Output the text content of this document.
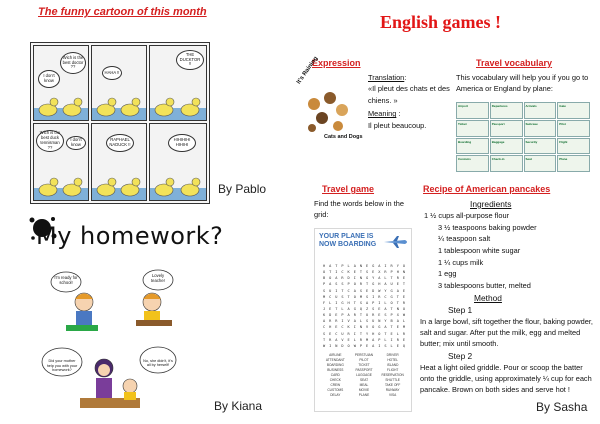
The funny cartoon of this month
I don't know
Wich is the best doctor ??
HAHA !!
THE DUCKTOR !!
Wich is the best duck tennisman ??
I don't know
RAPHAEL NADUCK !!
HIHIHIHI HIHIHI
By Pablo
My homework?
I'm ready for school!
Lovely teacher
Did your mother help you with your homework?
No, she didn't, it's all by herself!
By Kiana
English games !
Expression
It's Raining
Cats and Dogs
Translation:
«Il pleut des chats et des chiens. »
Meaning :
Il pleut beaucoup.
Travel vocabulary
This vocabulary will help you if you go to America or England by plane:
Airport	Departures	Arrivals	Gate
Ticket	Passport	Suitcase	Pilot
Boarding	Baggage	Security	Flight
Customs	Check-in	Seat	Plane
Travel game
Find the words below in the grid:
YOUR PLANE IS
NOW BOARDING
H	A	T	P	L	A	N	E	G	A	I	R	Y	O
O	T	I	C	K	E	T	S	E	X	R	P	H	N
B	O	A	R	D	I	N	G	Y	A	L	T	R	E
P	A	S	S	P	O	R	T	G	H	A	U	E	T
S	U	I	T	C	A	S	E	D	W	Y	G	A	E
M	C	U	S	T	O	M	S	I	R	C	G	T	E
F	L	I	G	H	T	S	A	P	I	L	O	T	R
J	E	T	L	A	G	Q	Z	S	E	A	T	N	O
K	D	E	P	A	R	T	U	R	E	S	P	X	W
A	R	R	I	V	A	L	S	U	N	Y	B	A	L
C	H	E	C	K	I	N	V	O	G	A	T	E	M
S	E	C	U	R	I	T	Y	H	O	T	E	L	R
T	R	A	V	E	L	R	M	A	P	L	I	R	E
W	I	N	D	O	W	P	E	A	I	S	L	E	Q
AIRLINE	PERSTUIAN	DRIVER
ATTENDANT	PILOT	HOTEL
BOARDING	TICKET	ISLAND
BUSINESS	PASSPORT	FLIGHT
CARD	LUGGAGE	RESERVATION
CHECK	SEAT	SHUTTLE
CREW	MEAL	TAKE OFF
CUSTOMS	MOVIE	RUNWAY
DELAY	PLANE	VISA
Recipe of American pancakes
Ingredients
1 ½ cups all-purpose flour
3 ½ teaspoons baking powder
¼ teaspoon salt
1 tablespoon white sugar
1 ¼ cups milk
1 egg
3 tablespoons butter, melted
Method
Step 1
In a large bowl, sift together the flour, baking powder, salt and sugar. After put the milk, egg and melted butter; mix until smooth.
Step 2
Heat a light oiled griddle. Pour or scoop the batter onto the griddle, using approximately ¼ cup for each pancake. Brown on both sides and serve hot !
By Sasha
